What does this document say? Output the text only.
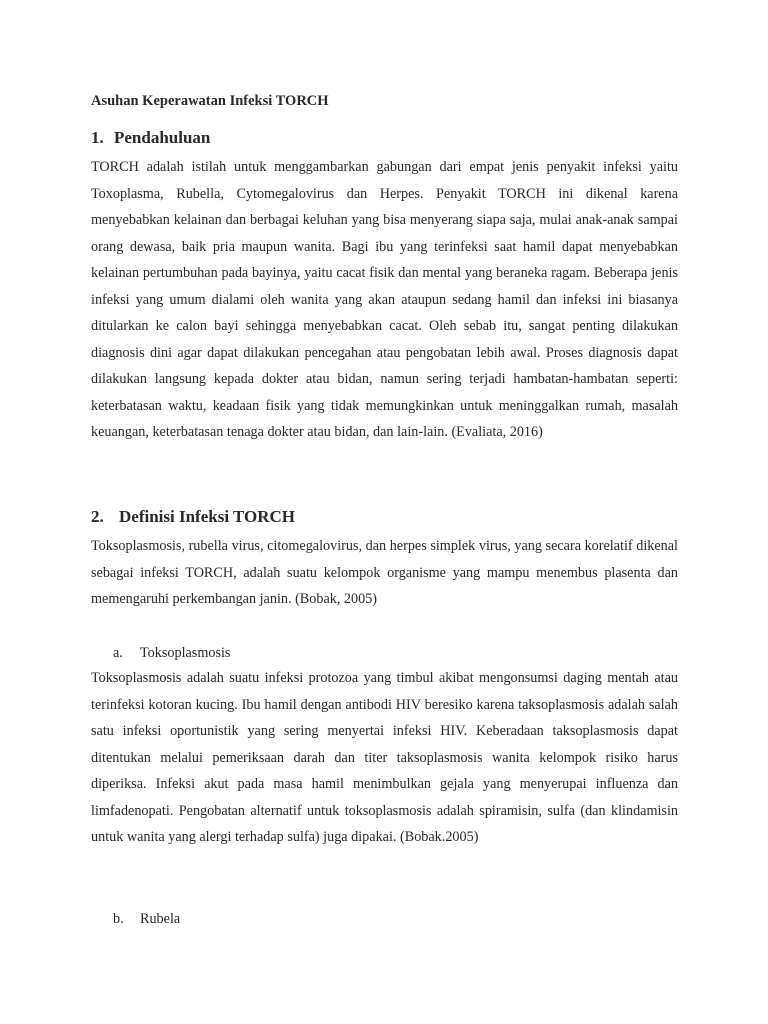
Asuhan Keperawatan Infeksi TORCH
1. Pendahuluan

TORCH adalah istilah untuk menggambarkan gabungan dari empat jenis penyakit infeksi yaitu Toxoplasma, Rubella, Cytomegalovirus dan Herpes. Penyakit TORCH ini dikenal karena menyebabkan kelainan dan berbagai keluhan yang bisa menyerang siapa saja, mulai anak-anak sampai orang dewasa, baik pria maupun wanita. Bagi ibu yang terinfeksi saat hamil dapat menyebabkan kelainan pertumbuhan pada bayinya, yaitu cacat fisik dan mental yang beraneka ragam. Beberapa jenis infeksi yang umum dialami oleh wanita yang akan ataupun sedang hamil dan infeksi ini biasanya ditularkan ke calon bayi sehingga menyebabkan cacat. Oleh sebab itu, sangat penting dilakukan diagnosis dini agar dapat dilakukan pencegahan atau pengobatan lebih awal. Proses diagnosis dapat dilakukan langsung kepada dokter atau bidan, namun sering terjadi hambatan-hambatan seperti: keterbatasan waktu, keadaan fisik yang tidak memungkinkan untuk meninggalkan rumah, masalah keuangan, keterbatasan tenaga dokter atau bidan, dan lain-lain. (Evaliata, 2016)

2. Definisi Infeksi TORCH

Toksoplasmosis, rubella virus, citomegalovirus, dan herpes simplek virus, yang secara korelatif dikenal sebagai infeksi TORCH, adalah suatu kelompok organisme yang mampu menembus plasenta dan memengaruhi perkembangan janin. (Bobak, 2005)

a. Toksoplasmosis

Toksoplasmosis adalah suatu infeksi protozoa yang timbul akibat mengonsumsi daging mentah atau terinfeksi kotoran kucing. Ibu hamil dengan antibodi HIV beresiko karena taksoplasmosis adalah salah satu infeksi oportunistik yang sering menyertai infeksi HIV. Keberadaan taksoplasmosis dapat ditentukan melalui pemeriksaan darah dan titer taksoplasmosis wanita kelompok risiko harus diperiksa. Infeksi akut pada masa hamil menimbulkan gejala yang menyerupai influenza dan limfadenopati. Pengobatan alternatif untuk toksoplasmosis adalah spiramisin, sulfa (dan klindamisin untuk wanita yang alergi terhadap sulfa) juga dipakai. (Bobak.2005)

b. Rubela
